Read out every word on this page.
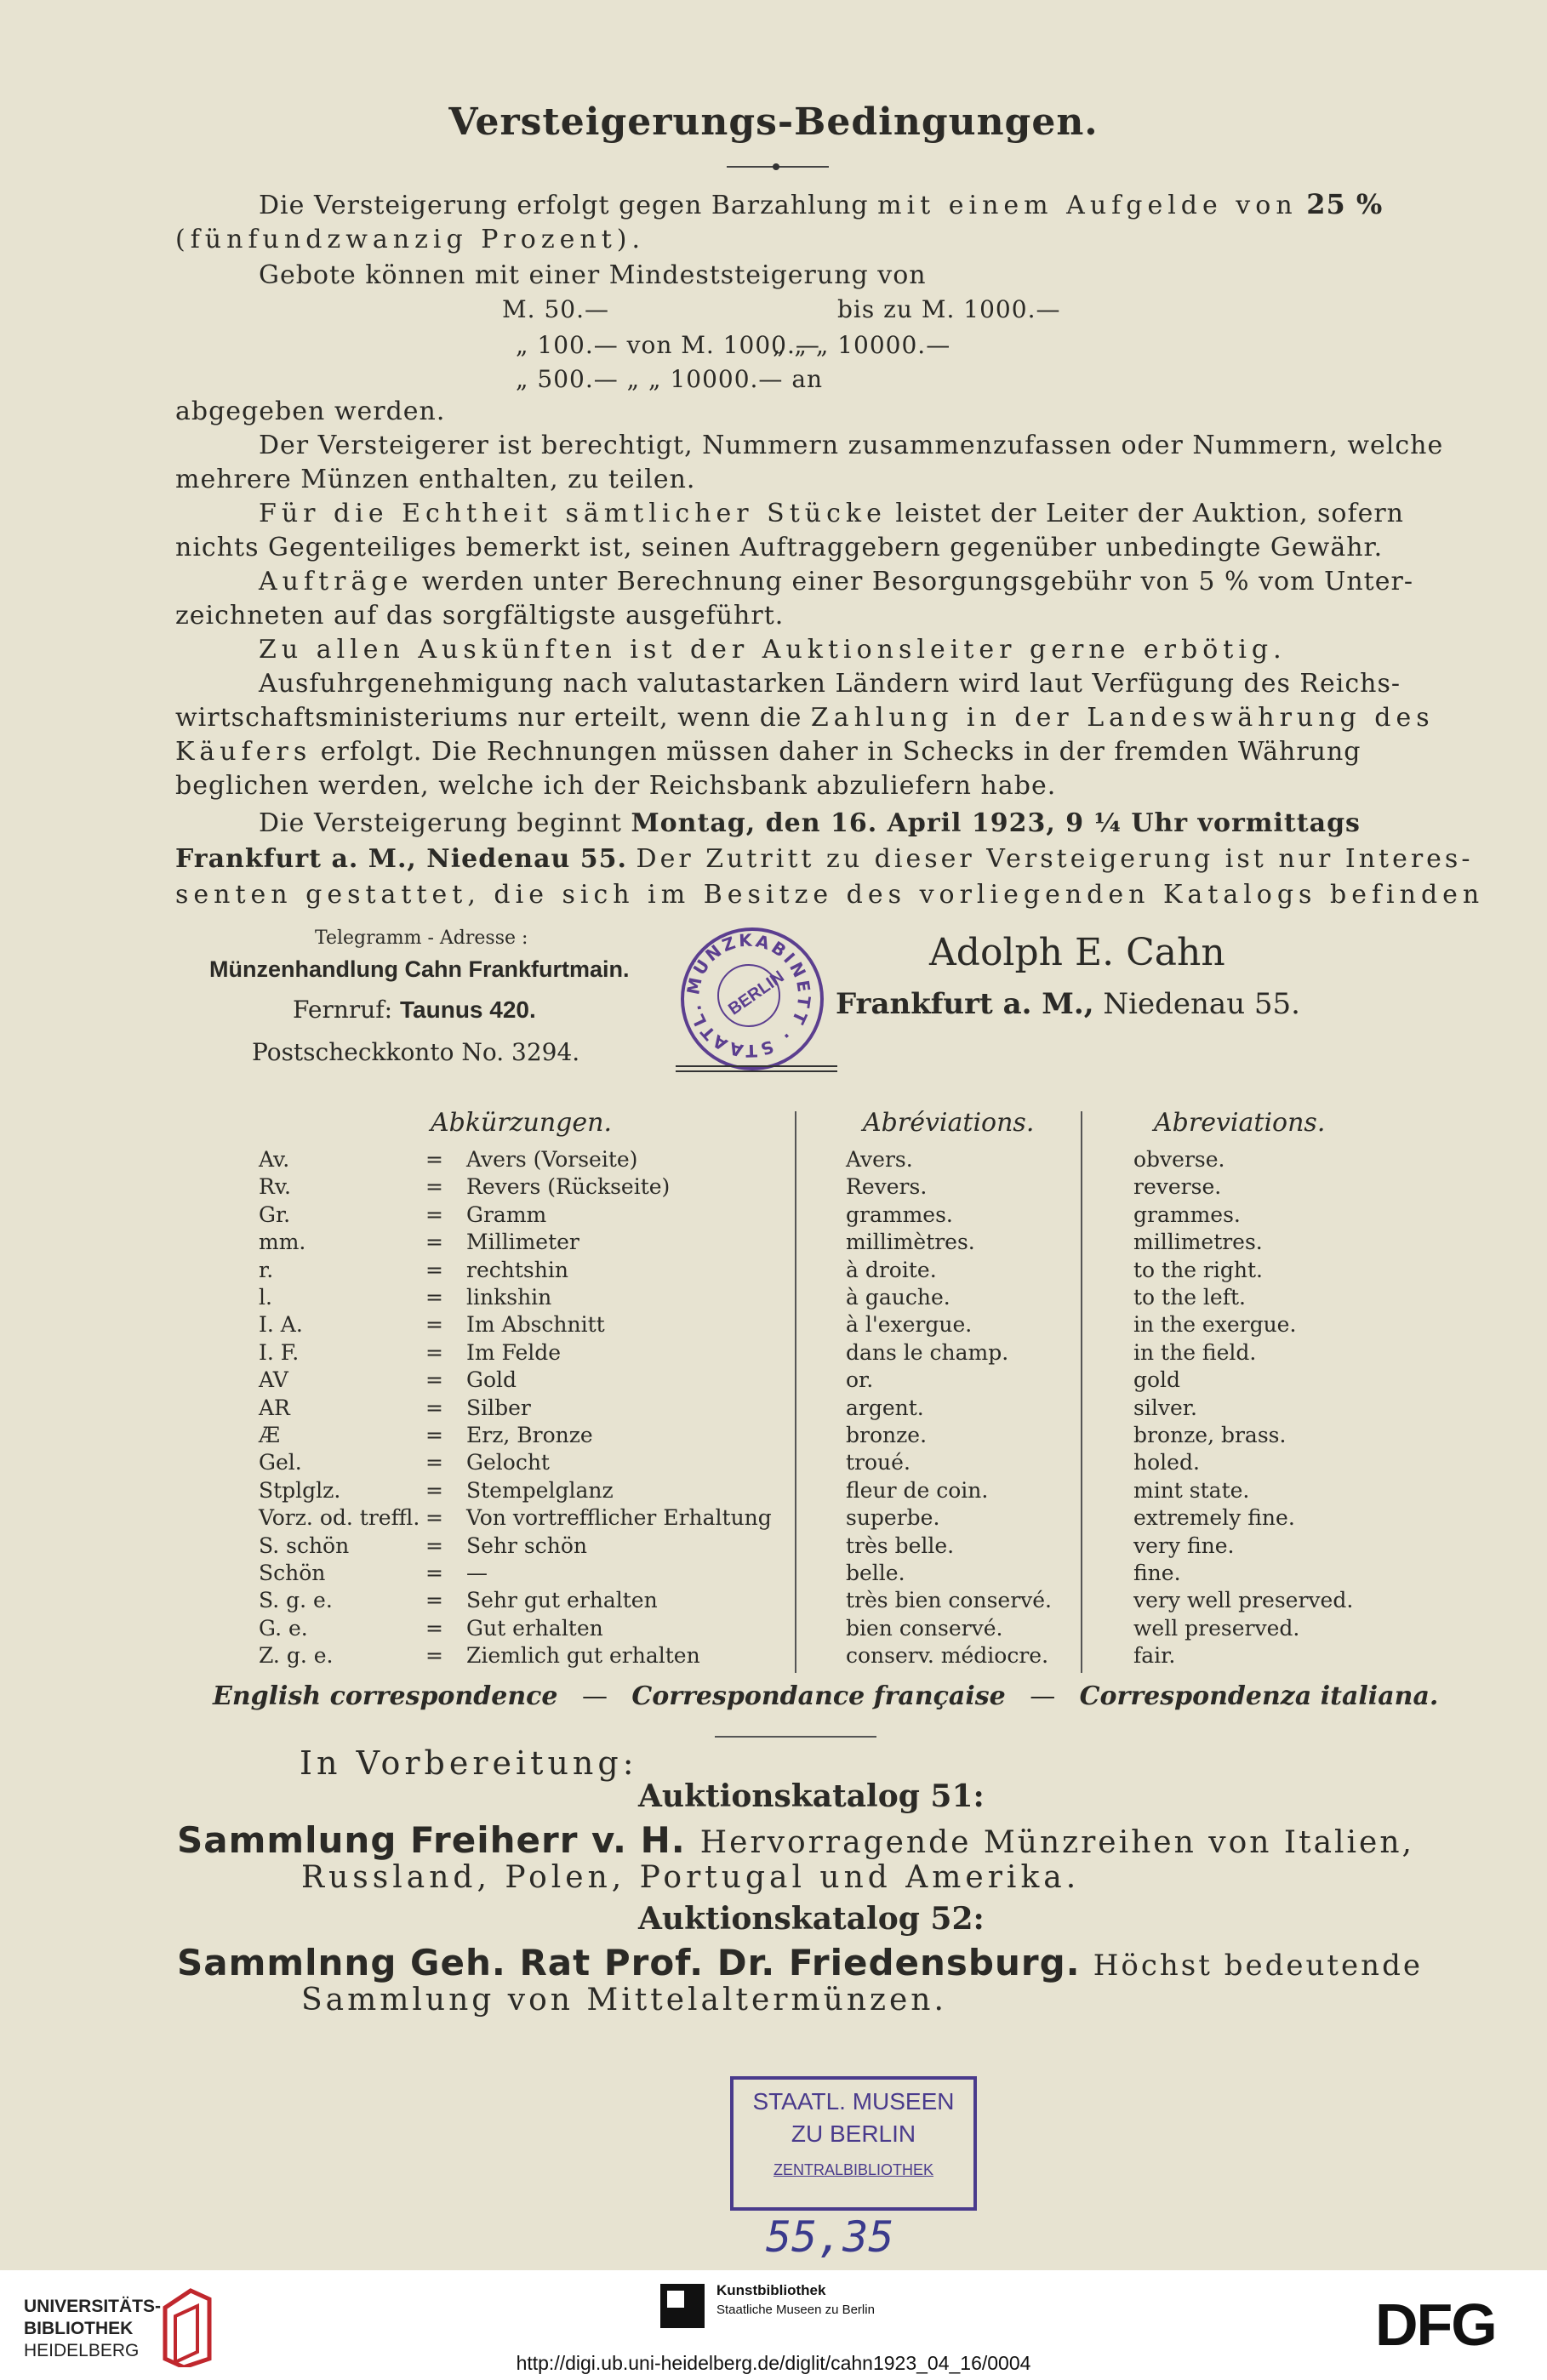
Versteigerungs-Bedingungen.
Die Versteigerung erfolgt gegen Barzahlung mit einem Aufgelde von 25 %
(fünfundzwanzig Prozent).
Gebote können mit einer Mindeststeigerung von
M. 50.—	bis zu M. 1000.—
„ 100.— von M. 1000.—
„ „ „ 10000.—
„ 500.— „ „ 10000.— an
abgegeben werden.
Der Versteigerer ist berechtigt, Nummern zusammenzufassen oder Nummern, welche
mehrere Münzen enthalten, zu teilen.
Für die Echtheit sämtlicher Stücke leistet der Leiter der Auktion, sofern
nichts Gegenteiliges bemerkt ist, seinen Auftraggebern gegenüber unbedingte Gewähr.
Aufträge werden unter Berechnung einer Besorgungsgebühr von 5 % vom Unter-
zeichneten auf das sorgfältigste ausgeführt.
Zu allen Auskünften ist der Auktionsleiter gerne erbötig.
Ausfuhrgenehmigung nach valutastarken Ländern wird laut Verfügung des Reichs-
wirtschaftsministeriums nur erteilt, wenn die Zahlung in der Landeswährung des
Käufers erfolgt. Die Rechnungen müssen daher in Schecks in der fremden Währung
beglichen werden, welche ich der Reichsbank abzuliefern habe.
Die Versteigerung beginnt Montag, den 16. April 1923, 9 ¼ Uhr vormittags
Frankfurt a. M., Niedenau 55. Der Zutritt zu dieser Versteigerung ist nur Interes-
senten gestattet, die sich im Besitze des vorliegenden Katalogs befinden
Telegramm - Adresse :
Münzenhandlung Cahn Frankfurtmain.
Fernruf: Taunus 420.
Postscheckkonto No. 3294.
MÜNZKABINETT · STAATL.	BERLIN
Adolph E. Cahn
Frankfurt a. M., Niedenau 55.
Abkürzungen.	Abréviations.	Abreviations.
Av.	= Avers (Vorseite)	Avers.	obverse.
Rv.	= Revers (Rückseite)	Revers.	reverse.
Gr.	= Gramm	grammes.	grammes.
mm.	= Millimeter	millimètres.	millimetres.
r.	= rechtshin	à droite.	to the right.
l.	= linkshin	à gauche.	to the left.
I. A.	= Im Abschnitt	à l'exergue.	in the exergue.
I. F.	= Im Felde	dans le champ.	in the field.
AV	= Gold	or.	gold
AR	= Silber	argent.	silver.
Æ	= Erz, Bronze	bronze.	bronze, brass.
Gel.	= Gelocht	troué.	holed.
Stplglz.	= Stempelglanz	fleur de coin.	mint state.
Vorz. od. treffl. = Von vortrefflicher Erhaltung	superbe.	extremely fine.
S. schön	= Sehr schön	très belle.	very fine.
Schön	= —	belle.	fine.
S. g. e.	= Sehr gut erhalten	très bien conservé.	very well preserved.
G. e.	= Gut erhalten	bien conservé.	well preserved.
Z. g. e.	= Ziemlich gut erhalten	conserv. médiocre.	fair.
English correspondence — Correspondance française — Correspondenza italiana.
In Vorbereitung:
Auktionskatalog 51:
Sammlung Freiherr v. H. Hervorragende Münzreihen von Italien,
Russland, Polen, Portugal und Amerika.
Auktionskatalog 52:
Sammlnng Geh. Rat Prof. Dr. Friedensburg. Höchst bedeutende
Sammlung von Mittelaltermünzen.
STAATL. MUSEEN
ZU BERLIN
ZENTRALBIBLIOTHEK
55,35
UNIVERSITÄTS-
BIBLIOTHEK
HEIDELBERG
Kunstbibliothek
Staatliche Museen zu Berlin	DFG
http://digi.ub.uni-heidelberg.de/diglit/cahn1923_04_16/0004
